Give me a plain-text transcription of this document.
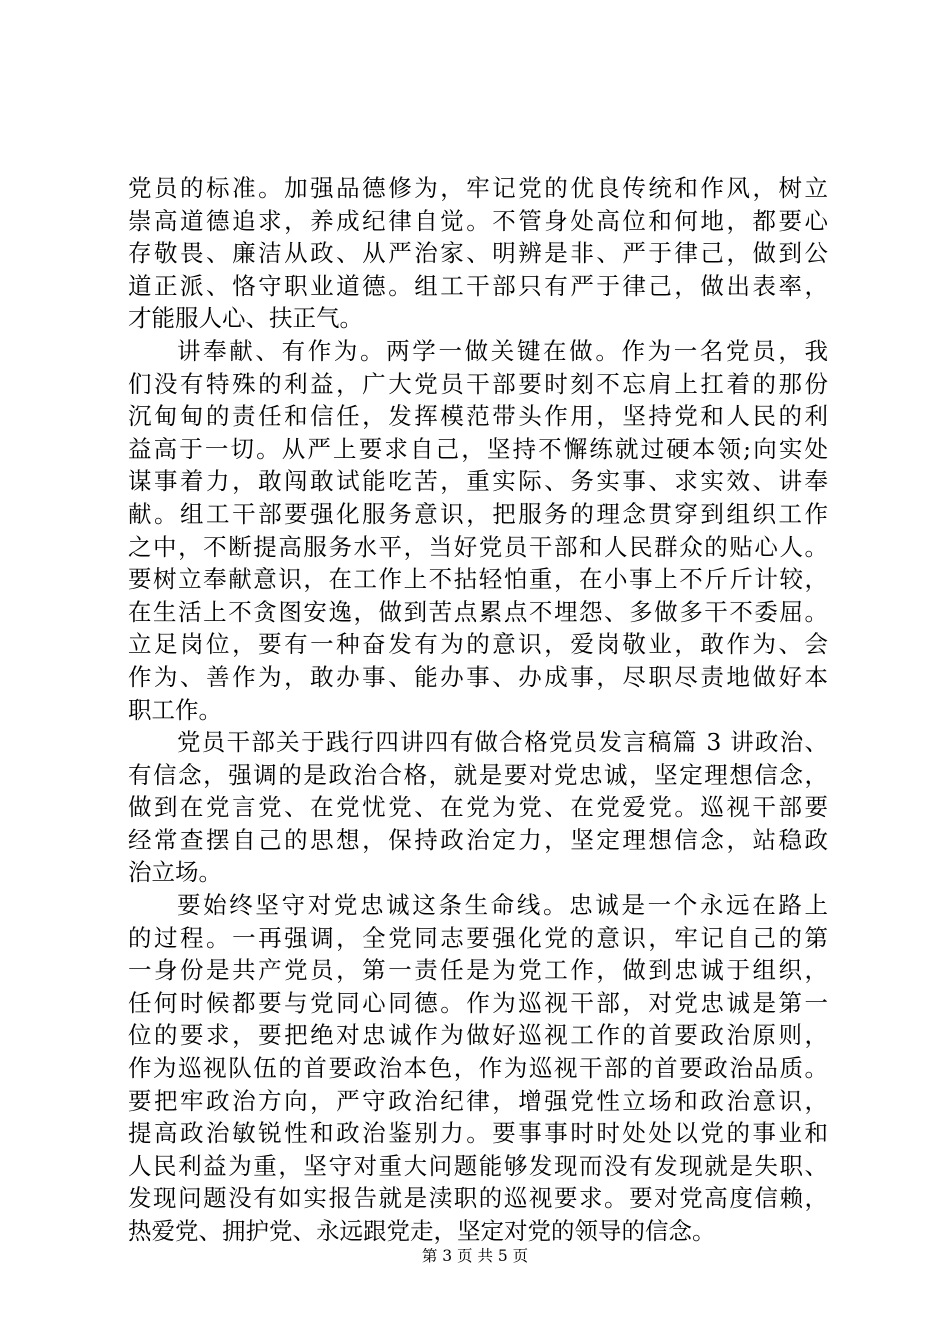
党员的标准。加强品德修为，牢记党的优良传统和作风，树立
崇高道德追求，养成纪律自觉。不管身处高位和何地，都要心
存敬畏、廉洁从政、从严治家、明辨是非、严于律己，做到公
道正派、恪守职业道德。组工干部只有严于律己，做出表率，
才能服人心、扶正气。
讲奉献、有作为。两学一做关键在做。作为一名党员，我
们没有特殊的利益，广大党员干部要时刻不忘肩上扛着的那份
沉甸甸的责任和信任，发挥模范带头作用，坚持党和人民的利
益高于一切。从严上要求自己，坚持不懈练就过硬本领;向实处
谋事着力，敢闯敢试能吃苦，重实际、务实事、求实效、讲奉
献。组工干部要强化服务意识，把服务的理念贯穿到组织工作
之中，不断提高服务水平，当好党员干部和人民群众的贴心人。
要树立奉献意识，在工作上不拈轻怕重，在小事上不斤斤计较，
在生活上不贪图安逸，做到苦点累点不埋怨、多做多干不委屈。
立足岗位，要有一种奋发有为的意识，爱岗敬业，敢作为、会
作为、善作为，敢办事、能办事、办成事，尽职尽责地做好本
职工作。
党员干部关于践行四讲四有做合格党员发言稿篇 3 讲政治、
有信念，强调的是政治合格，就是要对党忠诚，坚定理想信念，
做到在党言党、在党忧党、在党为党、在党爱党。巡视干部要
经常查摆自己的思想，保持政治定力，坚定理想信念，站稳政
治立场。
要始终坚守对党忠诚这条生命线。忠诚是一个永远在路上
的过程。一再强调，全党同志要强化党的意识，牢记自己的第
一身份是共产党员，第一责任是为党工作，做到忠诚于组织，
任何时候都要与党同心同德。作为巡视干部，对党忠诚是第一
位的要求，要把绝对忠诚作为做好巡视工作的首要政治原则，
作为巡视队伍的首要政治本色，作为巡视干部的首要政治品质。
要把牢政治方向，严守政治纪律，增强党性立场和政治意识，
提高政治敏锐性和政治鉴别力。要事事时时处处以党的事业和
人民利益为重，坚守对重大问题能够发现而没有发现就是失职、
发现问题没有如实报告就是渎职的巡视要求。要对党高度信赖，
热爱党、拥护党、永远跟党走，坚定对党的领导的信念。
第 3 页 共 5 页
